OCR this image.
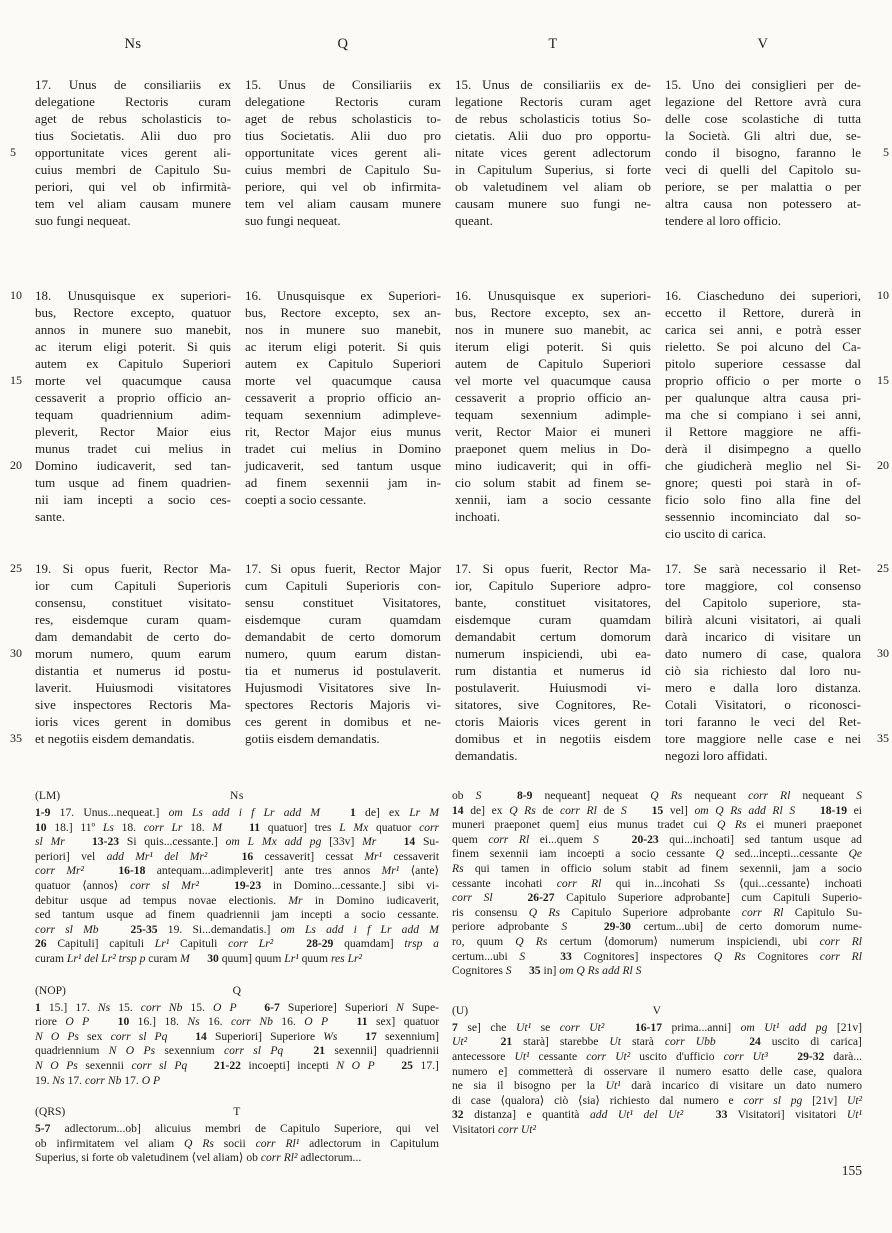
Ns	Q	T	V
17. Unus de consiliariis ex
delegatione Rectoris curam
aget de rebus scholasticis to-
tius Societatis. Alii duo pro
opportunitate vices gerent ali-
5
cuius membri de Capitulo Su-
periori, qui vel ob infirmità-
tem vel aliam causam munere
suo fungi nequeat.
15. Unus de Consiliariis ex
delegatione Rectoris curam
aget de rebus scholasticis to-
tius Societatis. Alii duo pro
opportunitate vices gerent ali-
cuius membri de Capitulo Su-
periore, qui vel ob infirmita-
tem vel aliam causam munere
suo fungi nequeat.
15. Unus de consiliariis ex de-
legatione Rectoris curam aget
de rebus scholasticis totius So-
cietatis. Alii duo pro opportu-
nitate vices gerent adlectorum
in Capitulum Superius, si forte
ob valetudinem vel aliam ob
causam munere suo fungi ne-
queant.
15. Uno dei consiglieri per de-
legazione del Rettore avrà cura
delle cose scolastiche di tutta
la Società. Gli altri due, se-
condo il bisogno, faranno le 5
veci di quelli del Capitolo su-
periore, se per malattia o per
altra causa non potessero at-
tendere al loro officio.
18. Unusquisque ex superiori-
10
bus, Rectore excepto, quatuor
annos in munere suo manebit,
ac iterum eligi poterit. Si quis
autem ex Capitulo Superiori
morte vel quacumque causa
15
cessaverit a proprio officio an-
tequam quadriennium adim-
pleverit, Rector Maior eius
munus tradet cui melius in
Domino iudicaverit, sed tan-
20
tum usque ad finem quadrien-
nii iam incepti a socio ces-
sante.
16. Unusquisque ex Superiori-
bus, Rectore excepto, sex an-
nos in munere suo manebit,
ac iterum eligi poterit. Si quis
autem ex Capitulo Superiori
morte vel quacumque causa
cessaverit a proprio officio an-
tequam sexennium adimpleve-
rit, Rector Major eius munus
tradet cui melius in Domino
judicaverit, sed tantum usque
ad finem sexennii jam in-
coepti a socio cessante.
16. Unusquisque ex superiori-
bus, Rectore excepto, sex an-
nos in munere suo manebit, ac
iterum eligi poterit. Si quis
autem de Capitulo Superiori
vel morte vel quacumque causa
cessaverit a proprio officio an-
tequam sexennium adimple-
verit, Rector Maior ei muneri
praeponet quem melius in Do-
mino iudicaverit; qui in offi-
cio solum stabit ad finem se-
xennii, iam a socio cessante
inchoati.
16. Ciascheduno dei superiori, 10
eccetto il Rettore, durerà in
carica sei anni, e potrà esser
rieletto. Se poi alcuno del Ca-
pitolo superiore cessasse dal
proprio officio o per morte o 15
per qualunque altra causa pri-
ma che si compiano i sei anni,
il Rettore maggiore ne affi-
derà il disimpegno a quello
che giudicherà meglio nel Si- 20
gnore; questi poi starà in of-
ficio solo fino alla fine del
sessennio incominciato dal so-
cio uscito di carica.
19. Si opus fuerit, Rector Ma-
25
ior cum Capituli Superioris
consensu, constituet visitato-
res, eisdemque curam quam-
dam demandabit de certo do-
morum numero, quum earum
30
distantia et numerus id postu-
laverit. Huiusmodi visitatores
sive inspectores Rectoris Ma-
ioris vices gerent in domibus
et negotiis eisdem demandatis.
35
17. Si opus fuerit, Rector Major
cum Capituli Superioris con-
sensu constituet Visitatores,
eisdemque curam quamdam
demandabit de certo domorum
numero, quum earum distan-
tia et numerus id postulaverit.
Hujusmodi Visitatores sive In-
spectores Rectoris Majoris vi-
ces gerent in domibus et ne-
gotiis eisdem demandatis.
17. Si opus fuerit, Rector Ma-
ior, Capitulo Superiore adpro-
bante, constituet visitatores,
eisdemque curam quamdam
demandabit certum domorum
numerum inspiciendi, ubi ea-
rum distantia et numerus id
postulaverit. Huiusmodi vi-
sitatores, sive Cognitores, Re-
ctoris Maioris vices gerent in
domibus et in negotiis eisdem
demandatis.
17. Se sarà necessario il Ret- 25
tore maggiore, col consenso
del Capitolo superiore, sta-
bilirà alcuni visitatori, ai quali
darà incarico di visitare un
dato numero di case, qualora 30
ciò sia richiesto dal loro nu-
mero e dalla loro distanza.
Cotali Visitatori, o riconosci-
tori faranno le veci del Ret-
tore maggiore nelle case e nei 35
negozi loro affidati.
(LM)	Ns
1-9 17. Unus...nequeat.] om Ls add i f Lr add M  	1 de] ex Lr M
10 18.] 11º Ls 18. corr Lr 18. M   11 quatuor] tres L Mx quatuor corr
sl Mr   13-23 Si quis...cessante.] om L Mx add pg [33v] Mr   14 Su-
periori] vel add Mr¹ del Mr²  	16 cessaverit] cessat Mr¹ cessaverit
corr Mr²  	16-18 antequam...adimpleverit] ante tres annos Mr¹ ⟨ante⟩
quatuor ⟨annos⟩ corr sl Mr²  	19-23 in Domino...cessante.] sibi vi-
debitur usque ad tempus novae electionis. Mr in Domino iudicaverit,
sed tantum usque ad finem quadriennii jam incepti a socio cessante.
corr sl Mb  	25-35 19. Si...demandatis.] om Ls add i f Lr add M
26 Capituli] capituli Lr¹ Capituli corr Lr²  	28-29 quamdam] trsp a
curam Lr¹ del Lr² trsp p curam M   30 quum] quum Lr¹ quum res Lr²
(NOP)	Q
1 15.] 17. Ns 15. corr Nb 15. O P   6-7 Superiore] Superiori N Supe-
riore O P   10 16.] 18. Ns 16. corr Nb 16. O P   11 sex] quatuor
N O Ps sex corr sl Pq   14 Superiori] Superiore Ws   17 sexennium]
quadriennium N O Ps sexennium corr sl Pq  	21 sexennii] quadriennii
N O Ps sexennii corr sl Pq   21-22 incoepti] incepti N O P   25 17.]
19. Ns 17. corr Nb 17. O P
(QRS)	T
5-7 adlectorum...ob] alicuius membri de Capitulo Superiore, qui vel
ob infirmitatem vel aliam Q Rs socii corr Rl¹ adlectorum in Capitulum
Superius, si forte ob valetudinem ⟨vel aliam⟩ ob corr Rl² adlectorum...
ob S  	8-9 nequeant] nequeat Q Rs nequeant corr Rl nequeant S
14 de] ex Q Rs de corr Rl de S   15 vel] om Q Rs add Rl S   18-19 ei
muneri praeponet quem] eius munus tradet cui Q Rs ei muneri praeponet
quem corr Rl ei...quem S  	20-23 qui...inchoati] sed tantum usque ad
finem sexennii iam incoepti a socio cessante Q sed...incepti...cessante Qe
Rs qui tamen in officio solum stabit ad finem sexennii, jam a socio
cessante incohati corr Rl qui in...incohati Ss ⟨qui...cessante⟩ inchoati
corr Sl  	26-27 Capitulo Superiore adprobante] cum Capituli Superio-
ris consensu Q Rs Capitulo Superiore adprobante corr Rl Capitulo Su-
periore adprobante S  	29-30 certum...ubi] de certo domorum nume-
ro, quum Q Rs certum ⟨domorum⟩ numerum inspiciendi, ubi corr Rl
certum...ubi S  	33 Cognitores] inspectores Q Rs Cognitores corr Rl
Cognitores S   35 in] om Q Rs add Rl S
(U)	V
7 se] che Ut¹ se corr Ut²  	16-17 prima...anni] om Ut¹ add pg [21v]
Ut²  	21 starà] starebbe Ut starà corr Ubb  	24 uscito di carica]
antecessore Ut¹ cessante corr Ut² uscito d'ufficio corr Ut³  	29-32 darà...
numero e] commetterà di osservare il numero esatto delle case, qualora
ne sia il bisogno per la Ut¹ darà incarico di visitare un dato numero
di case ⟨qualora⟩ ciò ⟨sia⟩ richiesto dal numero e corr sl pg [21v] Ut²
32 distanza] e quantità add Ut¹ del Ut²  	33 Visitatori] visitatori Ut¹
Visitatori corr Ut²
155
